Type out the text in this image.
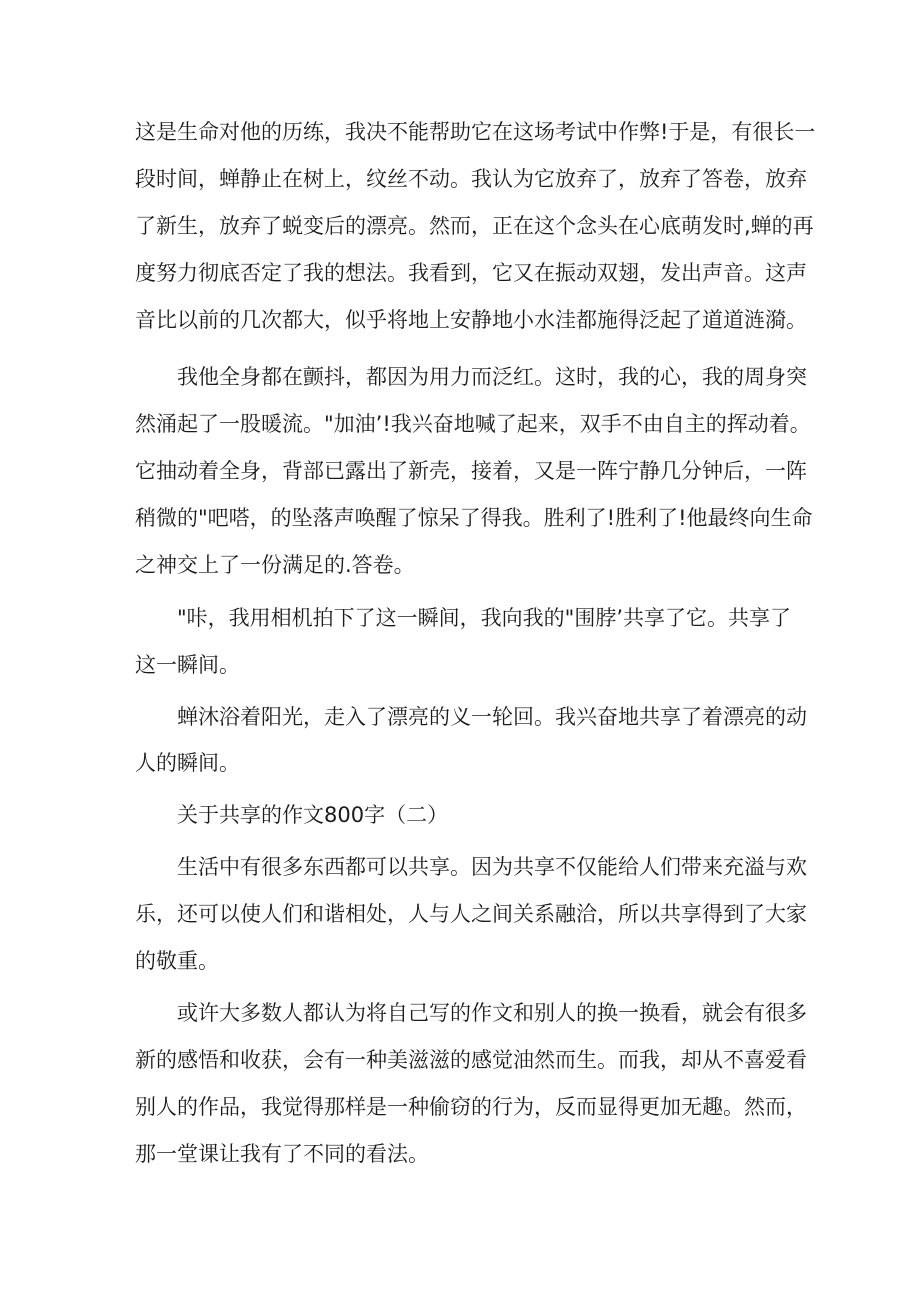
这是生命对他的历练，我决不能帮助它在这场考试中作弊!于是，有很长一
段时间，蝉静止在树上，纹丝不动。我认为它放弃了，放弃了答卷，放弃
了新生，放弃了蜕变后的漂亮。然而，正在这个念头在心底萌发时,蝉的再
度努力彻底否定了我的想法。我看到，它又在振动双翅，发出声音。这声
音比以前的几次都大，似乎将地上安静地小水洼都施得泛起了道道涟漪。
我他全身都在颤抖，都因为用力而泛红。这时，我的心，我的周身突
然涌起了一股暖流。"加油’!我兴奋地喊了起来，双手不由自主的挥动着。
它抽动着全身，背部已露出了新壳，接着，又是一阵宁静几分钟后，一阵
稍微的"吧嗒，的坠落声唤醒了惊呆了得我。胜利了!胜利了!他最终向生命
之神交上了一份满足的.答卷。
"咔，我用相机拍下了这一瞬间，我向我的"围脖’共享了它。共享了
这一瞬间。
蝉沐浴着阳光，走入了漂亮的义一轮回。我兴奋地共享了着漂亮的动
人的瞬间。
关于共享的作文800字（二）
生活中有很多东西都可以共享。因为共享不仅能给人们带来充溢与欢
乐，还可以使人们和谐相处，人与人之间关系融洽，所以共享得到了大家
的敬重。
或许大多数人都认为将自己写的作文和别人的换一换看，就会有很多
新的感悟和收获，会有一种美滋滋的感觉油然而生。而我，却从不喜爱看
别人的作品，我觉得那样是一种偷窃的行为，反而显得更加无趣。然而，
那一堂课让我有了不同的看法。
